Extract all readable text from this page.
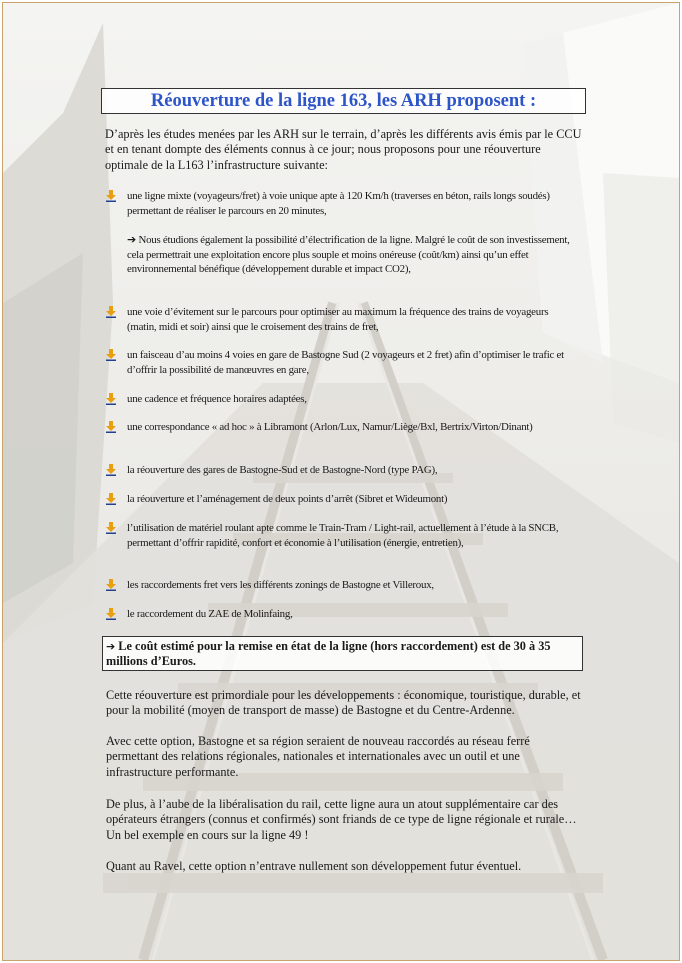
Réouverture de la ligne 163, les ARH proposent :
D’après les études menées par les ARH sur le terrain, d’après les différents avis émis par le CCU et en tenant dompte des éléments connus à ce jour; nous proposons pour une réouverture optimale de la L163 l’infrastructure suivante:
une ligne mixte (voyageurs/fret) à voie unique apte à 120 Km/h (traverses en béton, rails longs soudés) permettant de réaliser le parcours en 20 minutes,
➔ Nous étudions également la possibilité d’électrification de la ligne. Malgré le coût de son investissement, cela permettrait une exploitation encore plus souple et moins onéreuse (coût/km) ainsi qu’un effet environnemental bénéfique (développement durable et impact CO2),
une voie d’évitement sur le parcours pour optimiser au maximum la fréquence des trains de voyageurs (matin, midi et soir) ainsi que le croisement des trains de fret,
un faisceau d’au moins 4 voies en gare de Bastogne Sud (2 voyageurs et 2 fret) afin d’optimiser le trafic et d’offrir la possibilité de manœuvres en gare,
une cadence et fréquence horaires adaptées,
une correspondance « ad hoc » à Libramont (Arlon/Lux, Namur/Liège/Bxl, Bertrix/Virton/Dinant)
la réouverture des gares de Bastogne-Sud et de Bastogne-Nord (type PAG),
la réouverture et l’aménagement de deux points d’arrêt (Sibret et Wideumont)
l’utilisation de matériel roulant apte comme le Train-Tram / Light-rail, actuellement à l’étude à la SNCB, permettant d’offrir rapidité, confort et économie à l’utilisation (énergie, entretien),
les raccordements fret vers les différents zonings de Bastogne et Villeroux,
le raccordement du ZAE de Molinfaing,
➔ Le coût estimé pour la remise en état de la ligne (hors raccordement) est de 30 à 35 millions d’Euros.
Cette réouverture est primordiale pour les développements : économique, touristique, durable, et pour la mobilité (moyen de transport de masse) de Bastogne et du Centre-Ardenne.
Avec cette option, Bastogne et sa région seraient de nouveau raccordés au réseau ferré permettant des relations régionales, nationales et internationales avec un outil et une infrastructure performante.
De plus, à l’aube de la libéralisation du rail, cette ligne aura un atout supplémentaire car des opérateurs étrangers (connus et confirmés) sont friands de ce type de ligne régionale et rurale… Un bel exemple en cours sur la ligne 49 !
Quant au Ravel, cette option n’entrave nullement son développement futur éventuel.
